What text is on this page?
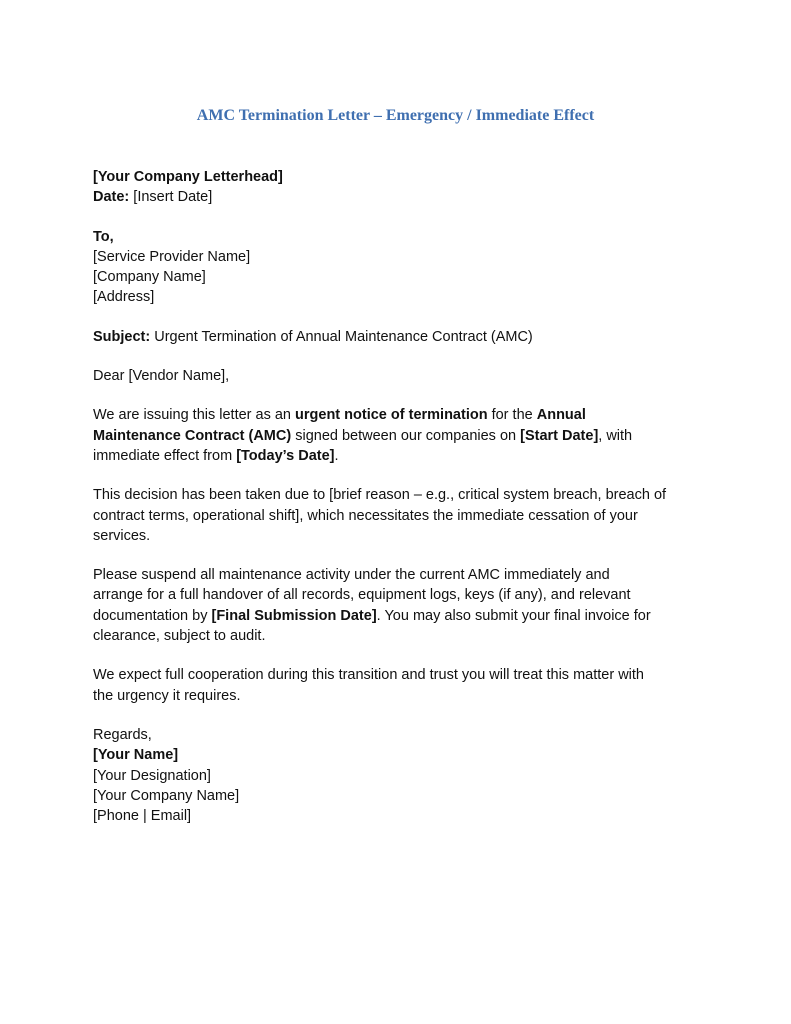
AMC Termination Letter – Emergency / Immediate Effect
[Your Company Letterhead]
Date: [Insert Date]
To,
[Service Provider Name]
[Company Name]
[Address]
Subject: Urgent Termination of Annual Maintenance Contract (AMC)
Dear [Vendor Name],
We are issuing this letter as an urgent notice of termination for the Annual
Maintenance Contract (AMC) signed between our companies on [Start Date], with
immediate effect from [Today’s Date].
This decision has been taken due to [brief reason – e.g., critical system breach, breach of
contract terms, operational shift], which necessitates the immediate cessation of your
services.
Please suspend all maintenance activity under the current AMC immediately and
arrange for a full handover of all records, equipment logs, keys (if any), and relevant
documentation by [Final Submission Date]. You may also submit your final invoice for
clearance, subject to audit.
We expect full cooperation during this transition and trust you will treat this matter with
the urgency it requires.
Regards,
[Your Name]
[Your Designation]
[Your Company Name]
[Phone | Email]
